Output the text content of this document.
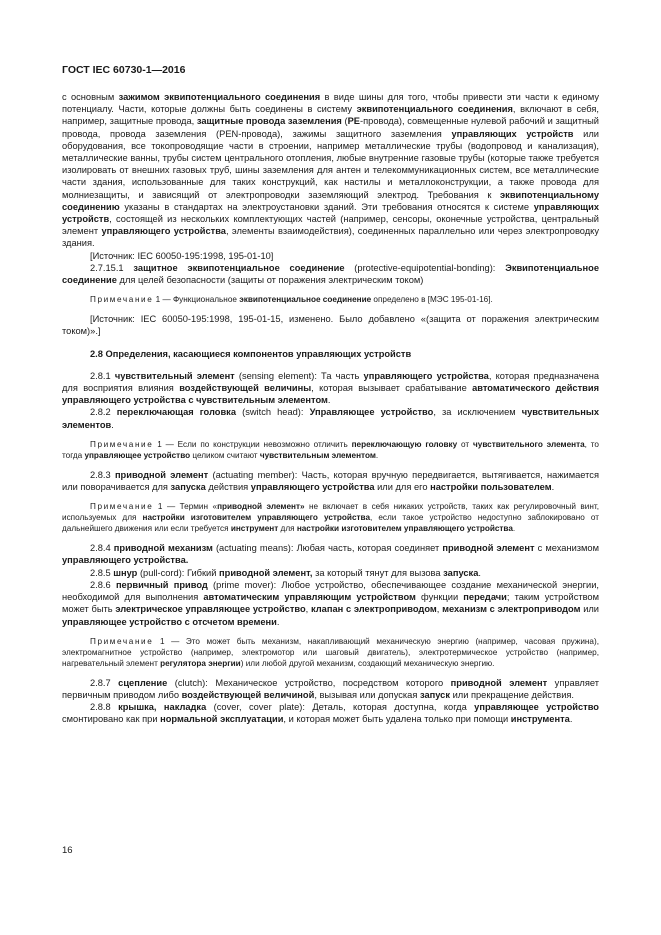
ГОСТ IEC 60730-1—2016

с основным зажимом эквипотенциального соединения в виде шины для того, чтобы привести эти части к единому потенциалу. Части, которые должны быть соединены в систему эквипотенциального соединения, включают в себя, например, защитные провода, защитные провода заземления (РЕ-провода), совмещенные нулевой рабочий и защитный провода, провода заземления (PEN-провода), зажимы защитного заземления управляющих устройств или оборудования, все токопроводящие части в строении, например металлические трубы (водопровод и канализация), металлические ванны, трубы систем центрального отопления, любые внутренние газовые трубы (которые также требуется изолировать от внешних газовых труб, шины заземления для антен и телекоммуникационных систем, все металлические части здания, использованные для таких конструкций, как настилы и металлоконструкции, а также провода для молниезащиты, и зависящий от электропроводки заземляющий электрод. Требования к эквипотенциальному соединению указаны в стандартах на электроустановки зданий. Эти требования относятся к системе управляющих устройств, состоящей из нескольких комплектующих частей (например, сенсоры, оконечные устройства, центральный элемент управляющего устройства, элементы взаимодействия), соединенных параллельно или через электропроводку здания.

[Источник: IEC 60050-195:1998, 195-01-10]

2.7.15.1 защитное эквипотенциальное соединение (protective-equipotential-bonding): Эквипотенциальное соединение для целей безопасности (защиты от поражения электрическим током)

Примечание 1 — Функциональное эквипотенциальное соединение определено в [МЭС 195-01-16].

[Источник: IEC 60050-195:1998, 195-01-15, изменено. Было добавлено «(защита от поражения электрическим током)».]

2.8 Определения, касающиеся компонентов управляющих устройств

2.8.1 чувствительный элемент (sensing element): Та часть управляющего устройства, которая предназначена для восприятия влияния воздействующей величины, которая вызывает срабатывание автоматического действия управляющего устройства с чувствительным элементом.

2.8.2 переключающая головка (switch head): Управляющее устройство, за исключением чувствительных элементов.

Примечание 1 — Если по конструкции невозможно отличить переключающую головку от чувствительного элемента, то тогда управляющее устройство целиком считают чувствительным элементом.

2.8.3 приводной элемент (actuating member): Часть, которая вручную передвигается, вытягивается, нажимается или поворачивается для запуска действия управляющего устройства или для его настройки пользователем.

Примечание 1 — Термин «приводной элемент» не включает в себя никаких устройств, таких как регулировочный винт, используемых для настройки изготовителем управляющего устройства, если такое устройство недоступно заблокировано от дальнейшего движения или если требуется инструмент для настройки изготовителем управляющего устройства.

2.8.4 приводной механизм (actuating means): Любая часть, которая соединяет приводной элемент с механизмом управляющего устройства.

2.8.5 шнур (pull-cord): Гибкий приводной элемент, за который тянут для вызова запуска.

2.8.6 первичный привод (prime mover): Любое устройство, обеспечивающее создание механической энергии, необходимой для выполнения автоматическим управляющим устройством функции передачи; таким устройством может быть электрическое управляющее устройство, клапан с электроприводом, механизм с электроприводом или управляющее устройство с отсчетом времени.

Примечание 1 — Это может быть механизм, накапливающий механическую энергию (например, часовая пружина), электромагнитное устройство (например, электромотор или шаговый двигатель), электротермическое устройство (например, нагревательный элемент регулятора энергии) или любой другой механизм, создающий механическую энергию.

2.8.7 сцепление (clutch): Механическое устройство, посредством которого приводной элемент управляет первичным приводом либо воздействующей величиной, вызывая или допуская запуск или прекращение действия.

2.8.8 крышка, накладка (cover, cover plate): Деталь, которая доступна, когда управляющее устройство смонтировано как при нормальной эксплуатации, и которая может быть удалена только при помощи инструмента.

16
